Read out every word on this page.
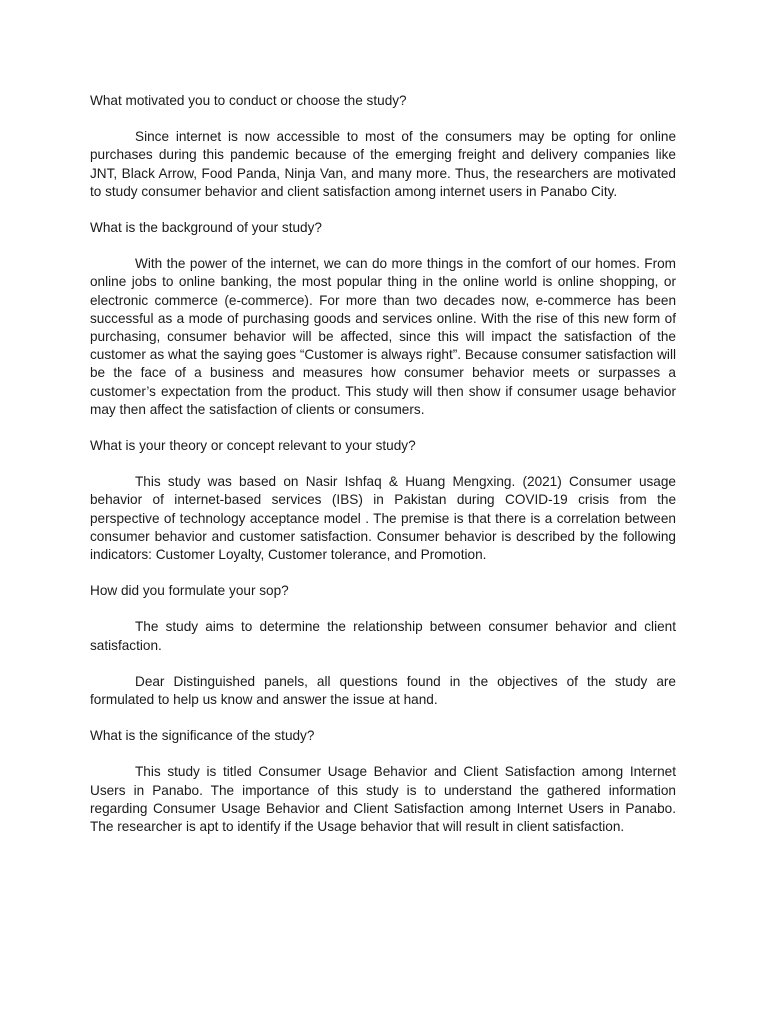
What motivated you to conduct or choose the study?

Since internet is now accessible to most of the consumers may be opting for online purchases during this pandemic because of the emerging freight and delivery companies like JNT, Black Arrow, Food Panda, Ninja Van, and many more. Thus, the researchers are motivated to study consumer behavior and client satisfaction among internet users in Panabo City.

What is the background of your study?

With the power of the internet, we can do more things in the comfort of our homes. From online jobs to online banking, the most popular thing in the online world is online shopping, or electronic commerce (e-commerce). For more than two decades now, e-commerce has been successful as a mode of purchasing goods and services online. With the rise of this new form of purchasing, consumer behavior will be affected, since this will impact the satisfaction of the customer as what the saying goes “Customer is always right”. Because consumer satisfaction will be the face of a business and measures how consumer behavior meets or surpasses a customer’s expectation from the product. This study will then show if consumer usage behavior may then affect the satisfaction of clients or consumers.

What is your theory or concept relevant to your study?

This study was based on Nasir Ishfaq & Huang Mengxing. (2021) Consumer usage behavior of internet-based services (IBS) in Pakistan during COVID-19 crisis from the perspective of technology acceptance model . The premise is that there is a correlation between consumer behavior and customer satisfaction. Consumer behavior is described by the following indicators: Customer Loyalty, Customer tolerance, and Promotion.

How did you formulate your sop?

The study aims to determine the relationship between consumer behavior and client satisfaction.

Dear Distinguished panels, all questions found in the objectives of the study are formulated to help us know and answer the issue at hand.

What is the significance of the study?

This study is titled Consumer Usage Behavior and Client Satisfaction among Internet Users in Panabo. The importance of this study is to understand the gathered information regarding Consumer Usage Behavior and Client Satisfaction among Internet Users in Panabo. The researcher is apt to identify if the Usage behavior that will result in client satisfaction.
